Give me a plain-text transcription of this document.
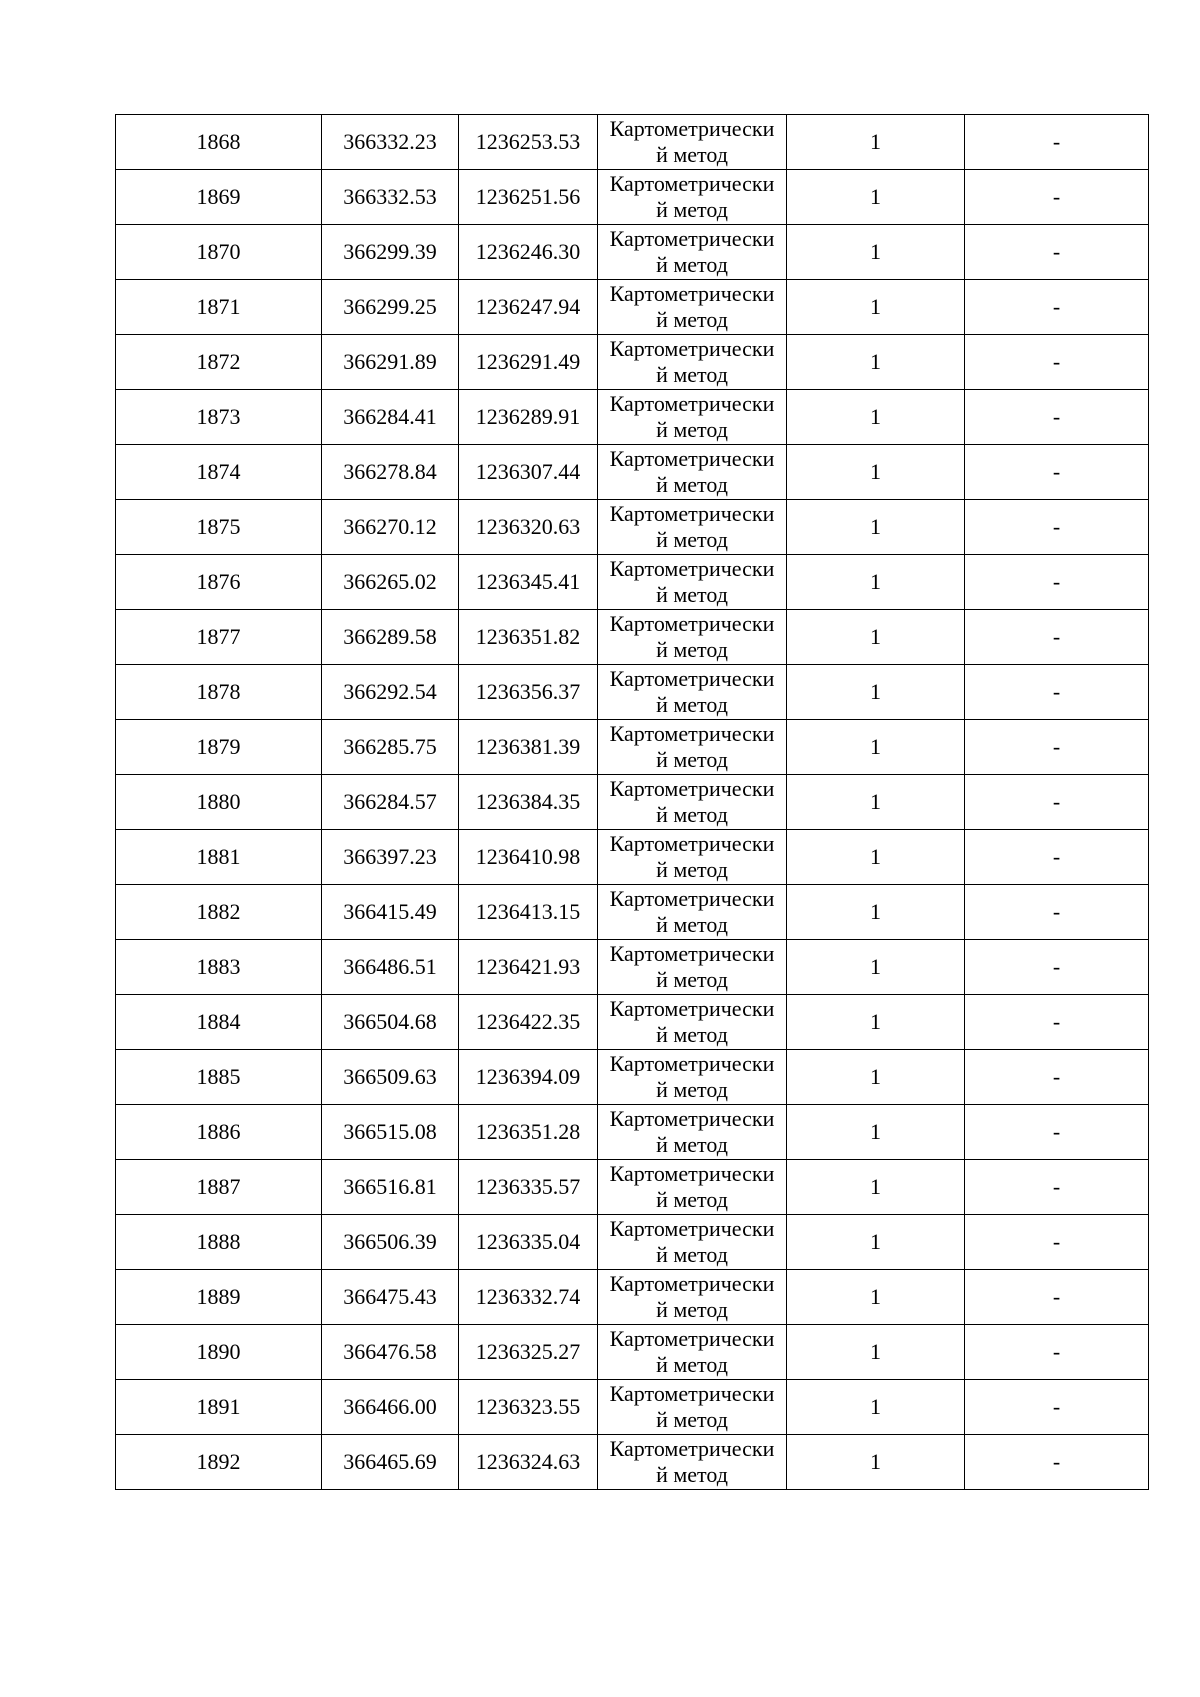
1868	366332.23	1236253.53	Картометрически
й метод	1	-
1869	366332.53	1236251.56	Картометрически
й метод	1	-
1870	366299.39	1236246.30	Картометрически
й метод	1	-
1871	366299.25	1236247.94	Картометрически
й метод	1	-
1872	366291.89	1236291.49	Картометрически
й метод	1	-
1873	366284.41	1236289.91	Картометрически
й метод	1	-
1874	366278.84	1236307.44	Картометрически
й метод	1	-
1875	366270.12	1236320.63	Картометрически
й метод	1	-
1876	366265.02	1236345.41	Картометрически
й метод	1	-
1877	366289.58	1236351.82	Картометрически
й метод	1	-
1878	366292.54	1236356.37	Картометрически
й метод	1	-
1879	366285.75	1236381.39	Картометрически
й метод	1	-
1880	366284.57	1236384.35	Картометрически
й метод	1	-
1881	366397.23	1236410.98	Картометрически
й метод	1	-
1882	366415.49	1236413.15	Картометрически
й метод	1	-
1883	366486.51	1236421.93	Картометрически
й метод	1	-
1884	366504.68	1236422.35	Картометрически
й метод	1	-
1885	366509.63	1236394.09	Картометрически
й метод	1	-
1886	366515.08	1236351.28	Картометрически
й метод	1	-
1887	366516.81	1236335.57	Картометрически
й метод	1	-
1888	366506.39	1236335.04	Картометрически
й метод	1	-
1889	366475.43	1236332.74	Картометрически
й метод	1	-
1890	366476.58	1236325.27	Картометрически
й метод	1	-
1891	366466.00	1236323.55	Картометрически
й метод	1	-
1892	366465.69	1236324.63	Картометрически
й метод	1	-
